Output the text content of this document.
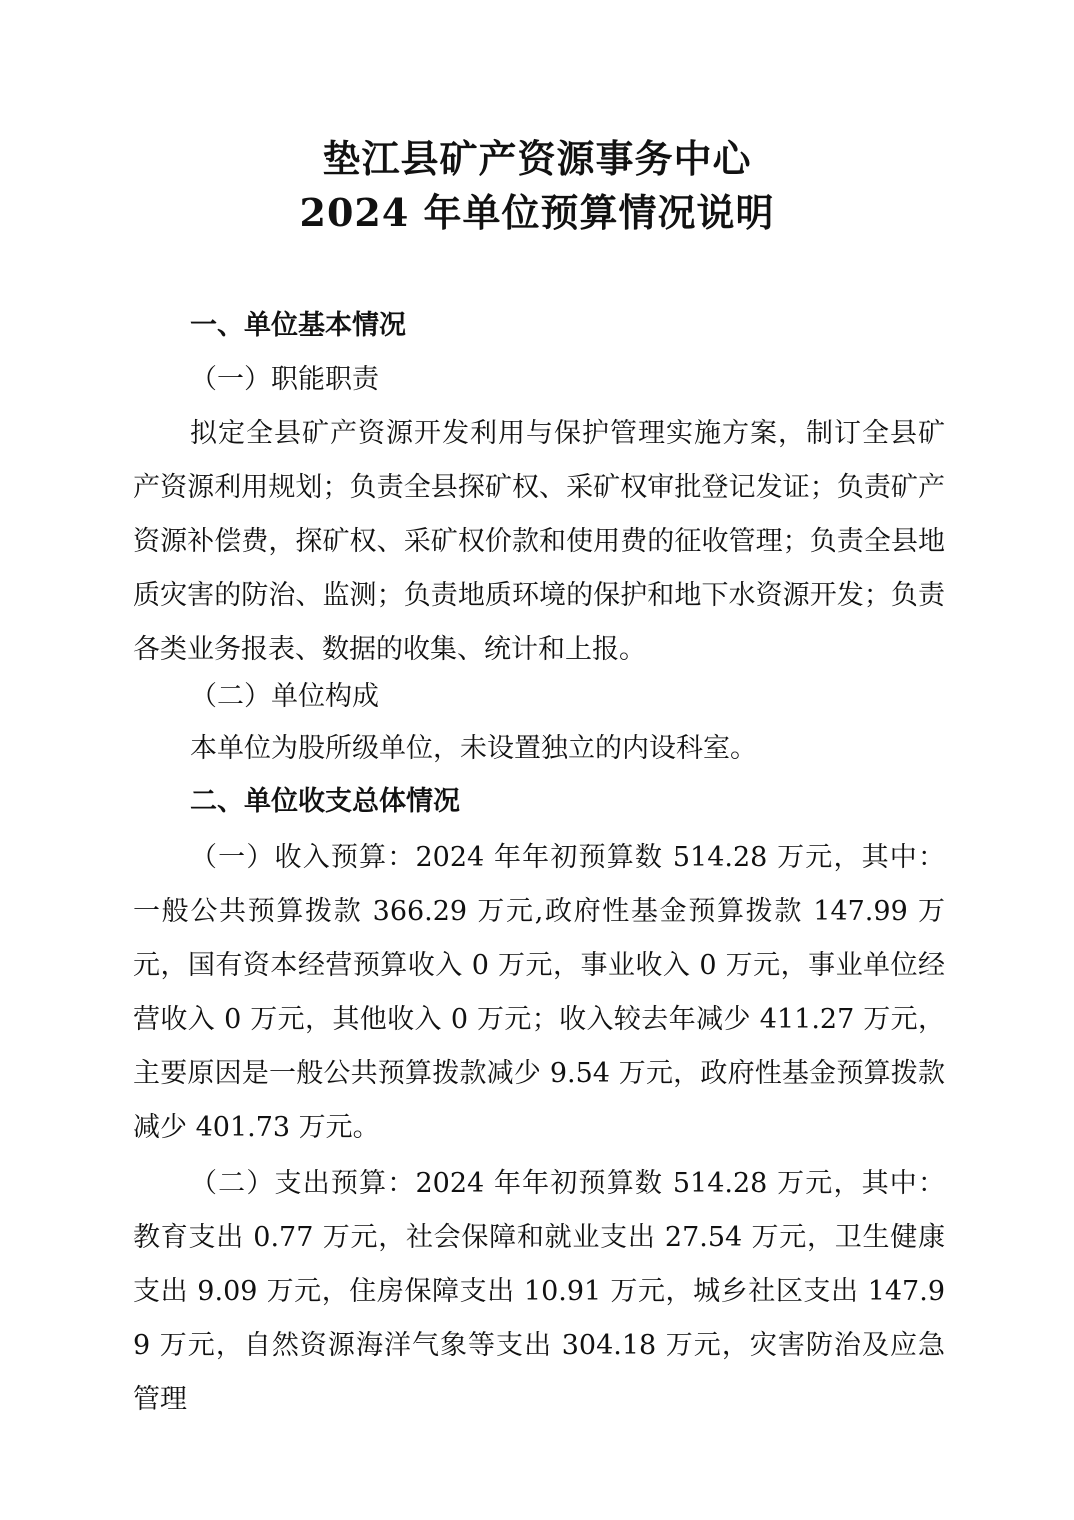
垫江县矿产资源事务中心
2024 年单位预算情况说明
一、单位基本情况
（一）职能职责

拟定全县矿产资源开发利用与保护管理实施方案，制订全县矿产资源利用规划；负责全县探矿权、采矿权审批登记发证；负责矿产资源补偿费，探矿权、采矿权价款和使用费的征收管理；负责全县地质灾害的防治、监测；负责地质环境的保护和地下水资源开发；负责各类业务报表、数据的收集、统计和上报。

（二）单位构成

本单位为股所级单位，未设置独立的内设科室。

二、单位收支总体情况

（一）收入预算：2024 年年初预算数 514.28 万元，其中：一般公共预算拨款 366.29 万元,政府性基金预算拨款 147.99 万元，国有资本经营预算收入 0 万元，事业收入 0 万元，事业单位经营收入 0 万元，其他收入 0 万元；收入较去年减少 411.27 万元，主要原因是一般公共预算拨款减少 9.54 万元，政府性基金预算拨款减少 401.73 万元。

（二）支出预算：2024 年年初预算数 514.28 万元，其中：教育支出 0.77 万元，社会保障和就业支出 27.54 万元，卫生健康支出 9.09 万元，住房保障支出 10.91 万元，城乡社区支出 147.99 万元，自然资源海洋气象等支出 304.18 万元，灾害防治及应急管理
